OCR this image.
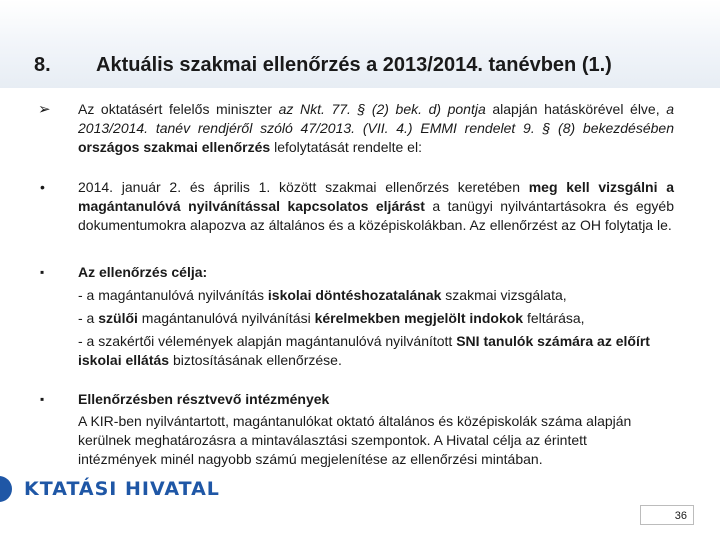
8. Aktuális szakmai ellenőrzés a 2013/2014. tanévben (1.)
➢ Az oktatásért felelős miniszter az Nkt. 77. § (2) bek. d) pontja alapján hatáskörével élve, a 2013/2014. tanév rendjéről szóló 47/2013. (VII. 4.) EMMI rendelet 9. § (8) bekezdésében országos szakmai ellenőrzés lefolytatását rendelte el:
• 2014. január 2. és április 1. között szakmai ellenőrzés keretében meg kell vizsgálni a magántanulóvá nyilvánítással kapcsolatos eljárást a tanügyi nyilvántartásokra és egyéb dokumentumokra alapozva az általános és a középiskolákban. Az ellenőrzést az OH folytatja le.
▪ Az ellenőrzés célja:
- a magántanulóvá nyilvánítás iskolai döntéshozatalának szakmai vizsgálata,
- a szülői magántanulóvá nyilvánítási kérelmekben megjelölt indokok feltárása,
- a szakértői vélemények alapján magántanulóvá nyilvánított SNI tanulók számára az előírt iskolai ellátás biztosításának ellenőrzése.
▪ Ellenőrzésben résztvevő intézmények
A KIR-ben nyilvántartott, magántanulókat oktató általános és középiskolák száma alapján kerülnek meghatározásra a mintaválasztási szempontok. A Hivatal célja az érintett intézmények minél nagyobb számú megjelenítése az ellenőrzési mintában.
KTATÁSI HIVATAL
36
